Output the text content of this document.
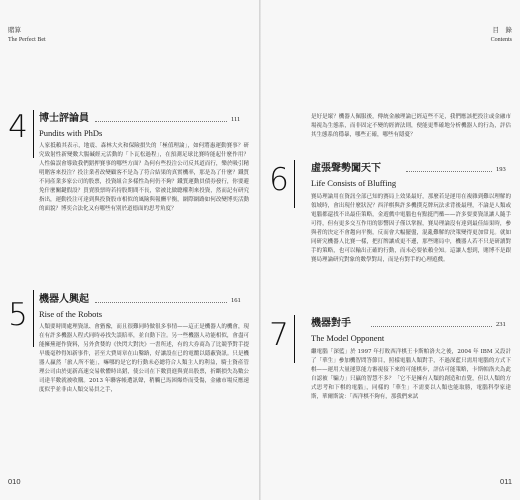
賭算
The Perfect Bet
4 博士評論員	111
Pundits with PhDs
人家抵賴其表示，地震、森林大火和保險損失的「極值理論」，如何將惠運動賽事？研究致射性新變數大腸碱經元活動的「卜瓦松過程」，在預測足球比賽時能起什麼作用？人性偏誤會導致我們錯押賽事的哪些方面？為何有些投注公司反其道而行，樂於吸引精明賭客來投注？投注業者改變顧客不是為了符合結果的真實機率，那是為了什麼？鐵質不同產業多家公司的股票，投資組合多樣性為何仍不夠？鐵質運動員債券發行，你要避免什麼關鍵假設？買賣股票時若持股期間不長，常被比做聰權利來投資，然而記有研究指出，運動投注可達到與投資股市相似的風險與報酬平衡，網際網路如何改變博奕活動的面貌？博奕合法化又有哪些有別於道德面的思考角度？
5 機器人興起	161
Rise of the Robots
人類要時間處理資訊、會猶豫，而且很難同時做很多事情——這正是機器人的機會，現在有許多機器人程式同時尋找失誤賠率，並自動下注。另一些機器人功能相似，會盡可能擁蕪運作資料，另外貪婪的《快閃大對決》一書所述，有的大券商為了比競爭對手提早幾毫秒得知新事件，甚至大費周章在山鑿路，好讓設在已的電纜以隱蔽資訊。只是機器人贏然「旅人所不能」，嘛哪的是它的行動未必總符合人類主人的利益，騎士資產管理公司由於更新高速交易軟體時出錯，使公司在下數買進與賣出股票，折斷損失為數公司達半數就被收購。2013 年聯客帳遭訊聲，稍觸已馬困爆炸而受傷，金融市場反應速度似乎並非由人類交易員之手，
010
目　錄
Contents
是好是壞？機器人佩服後，傳統金融理論已經這些不足，我們應該把投注或金融市場視為生態系，而非固定不變的經濟法則，便能更準確地分析機器人的行為，評估其生態系的穩暴，哪些正確，哪些有隱憂？
6 虛張聲勢闖天下	193
Life Consists of Bluffing
賽局理論用在資訊全部已知的賽局上效果最好，那麼若是運用在複雜到難以理解的領域時，會出現什麼狀況？西洋棋與許多機撲克牌玩法求背後最理，不論是人類或電腦都還找不出最佳策略，金遊戲中電腦也有點挺門檻——許多要要資訊讓人隨手可得，但有更多交互作用的影響因子僅以掌握，賽局理論沒有達到最佳結果時，參與者的決定不會趨向平衡，反而會大幅擺盪，混亂難解的決策變得更加常見。就如同研究機器人比賽一樣，把打牌讓成更不遜，那些賭局中，機器人若不只是研讀對手的策略，也可以輸出正確的行動，而未必要依賴全知。這讓人想到，賭博不是跟賽局理論研究對象的數學對局，而是有對手的心理遊戲。
7 機器對手	231
The Model Opponent
繼電腦「深藍」於 1997 年打敗西洋棋王卡斯帕洛夫之後，2004 年 IBM 又設計了「華生」參加機智問答節目，照樣電腦人類對手，不過深藍只需用電腦的方式下棋——運用大量運算能力審視接下來的可能棋步，評估可能策略，卡斯帕洛夫為此自認被「騙力」只贏的智慧不多？「它不是擁有人類的創造和直覺，但以人類的方式思考和下棋的電腦」，同樣的「華生」不需要以人類也能取勝，電腦科學家達斯，華爾斯說：「西洋棋不夠有，那我們來試
011
